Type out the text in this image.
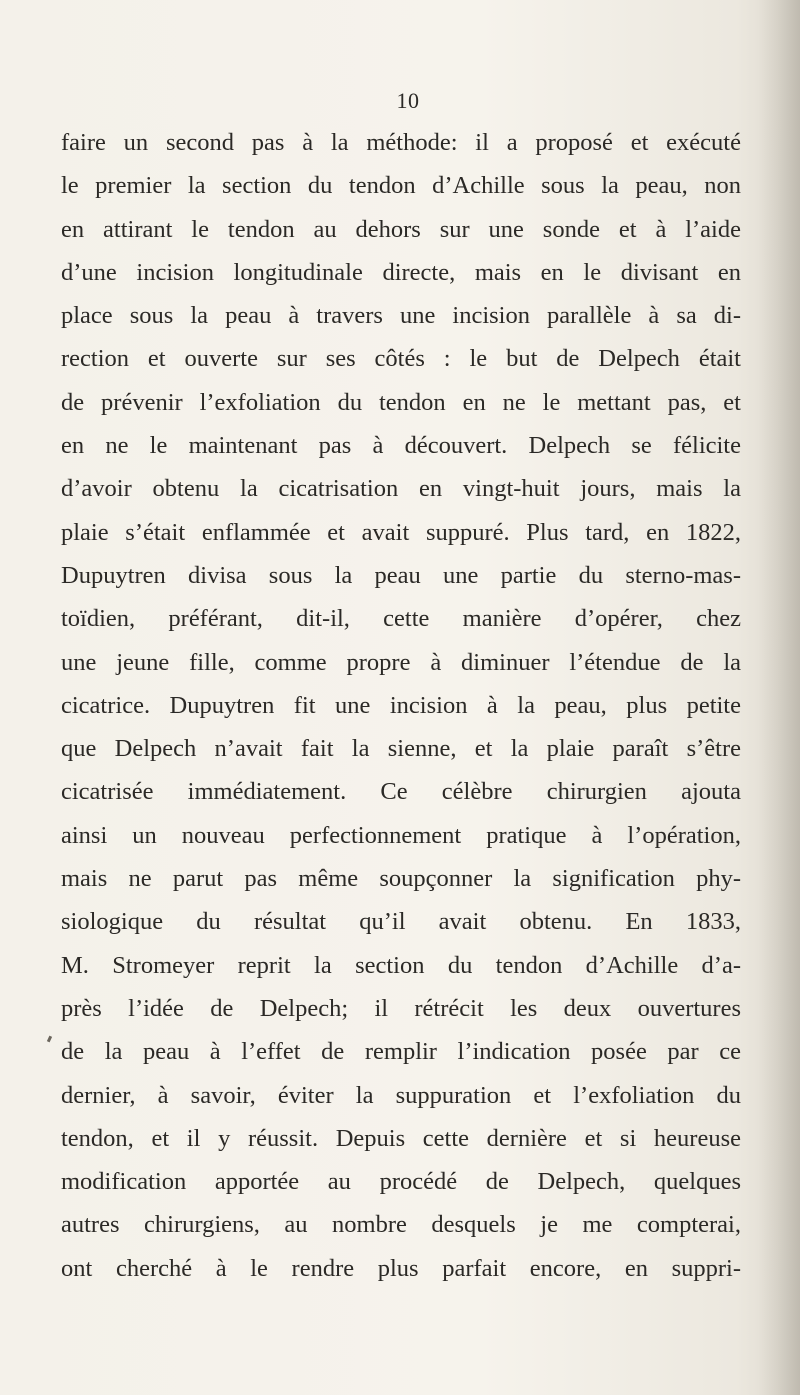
10
faire un second pas à la méthode: il a proposé et exécuté
le premier la section du tendon d’Achille sous la peau, non
en attirant le tendon au dehors sur une sonde et à l’aide
d’une incision longitudinale directe, mais en le divisant en
place sous la peau à travers une incision parallèle à sa di-
rection et ouverte sur ses côtés : le but de Delpech était
de prévenir l’exfoliation du tendon en ne le mettant pas, et
en ne le maintenant pas à découvert. Delpech se félicite
d’avoir obtenu la cicatrisation en vingt-huit jours, mais la
plaie s’était enflammée et avait suppuré. Plus tard, en 1822,
Dupuytren divisa sous la peau une partie du sterno-mas-
toïdien, préférant, dit-il, cette manière d’opérer, chez
une jeune fille, comme propre à diminuer l’étendue de la
cicatrice. Dupuytren fit une incision à la peau, plus petite
que Delpech n’avait fait la sienne, et la plaie paraît s’être
cicatrisée immédiatement. Ce célèbre chirurgien ajouta
ainsi un nouveau perfectionnement pratique à l’opération,
mais ne parut pas même soupçonner la signification phy-
siologique du résultat qu’il avait obtenu. En 1833,
M. Stromeyer reprit la section du tendon d’Achille d’a-
près l’idée de Delpech; il rétrécit les deux ouvertures
de la peau à l’effet de remplir l’indication posée par ce
dernier, à savoir, éviter la suppuration et l’exfoliation du
tendon, et il y réussit. Depuis cette dernière et si heureuse
modification apportée au procédé de Delpech, quelques
autres chirurgiens, au nombre desquels je me compterai,
ont cherché à le rendre plus parfait encore, en suppri-
